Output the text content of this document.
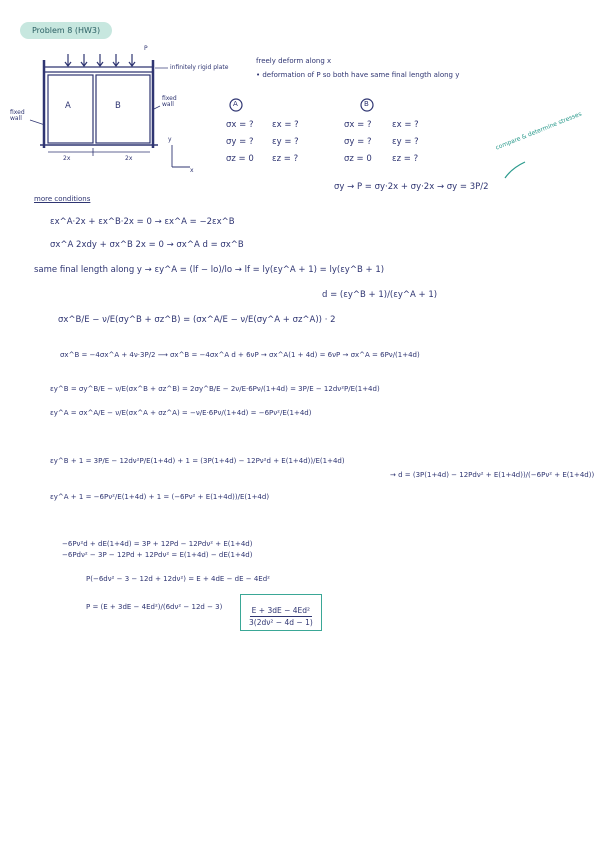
Problem 8 (HW3)
P
infinitely rigid plate
fixed wall
fixed wall
A	B
2x	2x
y
x
freely deform along x
• deformation of P so both have same final length along y
A	B
σx = ? εx = ?
σy = ? εy = ?
σz = 0 εz = ?
σx = ? εx = ?
σy = ? εy = ?
σz = 0 εz = ?
compare & determine stresses
σy → P = σy·2x + σy·2x → σy = 3P/2
more conditions
εx^A·2x + εx^B·2x = 0 → εx^A = −2εx^B
σx^A 2xdy + σx^B 2x = 0 → σx^A d = σx^B
same final length along y → εy^A = (lf − lo)/lo → lf = ly(εy^A + 1) = ly(εy^B + 1)
d = (εy^B + 1)/(εy^A + 1)
σx^B/E − ν/E(σy^B + σz^B) = (σx^A/E − ν/E(σy^A + σz^A)) · 2
σx^B = −4σx^A + 4ν·3P/2 ⟶ σx^B = −4σx^A d + 6νP → σx^A(1 + 4d) = 6νP → σx^A = 6Pν/(1+4d)
εy^B = σy^B/E − ν/E(σx^B + σz^B) = 2σy^B/E − 2ν/E·6Pν/(1+4d) = 3P/E − 12dν²P/E(1+4d)
εy^A = σx^A/E − ν/E(σx^A + σz^A) = −ν/E·6Pν/(1+4d) = −6Pν²/E(1+4d)
εy^B + 1 = 3P/E − 12dν²P/E(1+4d) + 1 = (3P(1+4d) − 12Pν²d + E(1+4d))/E(1+4d)
→ d = (3P(1+4d) − 12Pdν² + E(1+4d))/(−6Pν² + E(1+4d))
εy^A + 1 = −6Pν²/E(1+4d) + 1 = (−6Pν² + E(1+4d))/E(1+4d)
−6Pν²d + dE(1+4d) = 3P + 12Pd − 12Pdν² + E(1+4d)
−6Pdν² − 3P − 12Pd + 12Pdν² = E(1+4d) − dE(1+4d)
P(−6dν² − 3 − 12d + 12dν²) = E + 4dE − dE − 4Ed²
P = (E + 3dE − 4Ed²)/(6dν² − 12d − 3)	$\frac{\text{E + 3dE − 4Ed²}}{\text{3(2dν² − 4d − 1)}}$
